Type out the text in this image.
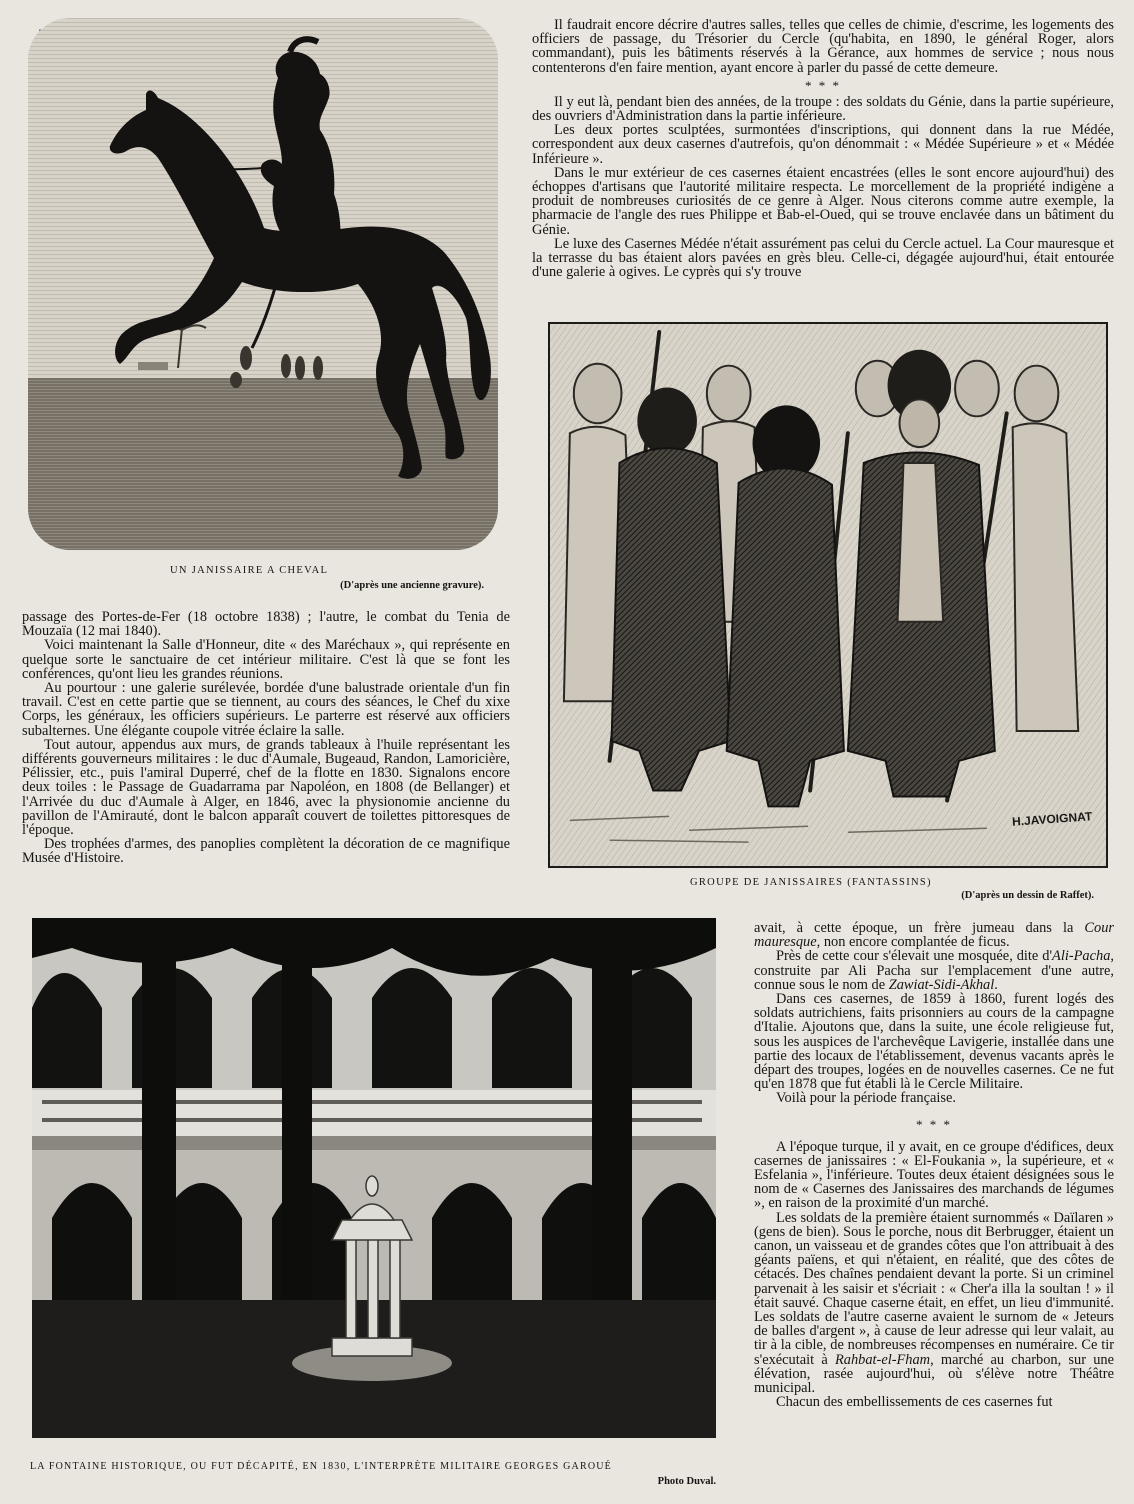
UN JANISSAIRE A CHEVAL
(D'après une ancienne gravure).

Il faudrait encore décrire d'autres salles, telles que celles de chimie, d'escrime, les logements des officiers de passage, du Trésorier du Cercle (qu'habita, en 1890, le général Roger, alors commandant), puis les bâtiments réservés à la Gérance, aux hommes de service ; nous nous contenterons d'en faire mention, ayant encore à parler du passé de cette demeure.

* * *

Il y eut là, pendant bien des années, de la troupe : des soldats du Génie, dans la partie supérieure, des ouvriers d'Administration dans la partie inférieure.

Les deux portes sculptées, surmontées d'inscriptions, qui donnent dans la rue Médée, correspondent aux deux casernes d'autrefois, qu'on dénommait : « Médée Supérieure » et « Médée Inférieure ».

Dans le mur extérieur de ces casernes étaient encastrées (elles le sont encore aujourd'hui) des échoppes d'artisans que l'autorité militaire respecta. Le morcellement de la propriété indigène a produit de nombreuses curiosités de ce genre à Alger. Nous citerons comme autre exemple, la pharmacie de l'angle des rues Philippe et Bab-el-Oued, qui se trouve enclavée dans un bâtiment du Génie.

Le luxe des Casernes Médée n'était assurément pas celui du Cercle actuel. La Cour mauresque et la terrasse du bas étaient alors pavées en grès bleu. Celle-ci, dégagée aujourd'hui, était entourée d'une galerie à ogives. Le cyprès qui s'y trouve

H.JAVOIGNAT
GROUPE DE JANISSAIRES (FANTASSINS)
(D'après un dessin de Raffet).

passage des Portes-de-Fer (18 octobre 1838) ; l'autre, le combat du Tenia de Mouzaïa (12 mai 1840).

Voici maintenant la Salle d'Honneur, dite « des Maréchaux », qui représente en quelque sorte le sanctuaire de cet intérieur militaire. C'est là que se font les conférences, qu'ont lieu les grandes réunions.

Au pourtour : une galerie surélevée, bordée d'une balustrade orientale d'un fin travail. C'est en cette partie que se tiennent, au cours des séances, le Chef du xixe Corps, les généraux, les officiers supérieurs. Le parterre est réservé aux officiers subalternes. Une élégante coupole vitrée éclaire la salle.

Tout autour, appendus aux murs, de grands tableaux à l'huile représentant les différents gouverneurs militaires : le duc d'Aumale, Bugeaud, Randon, Lamoricière, Pélissier, etc., puis l'amiral Duperré, chef de la flotte en 1830. Signalons encore deux toiles : le Passage de Guadarrama par Napoléon, en 1808 (de Bellanger) et l'Arrivée du duc d'Aumale à Alger, en 1846, avec la physionomie ancienne du pavillon de l'Amirauté, dont le balcon apparaît couvert de toilettes pittoresques de l'époque.

Des trophées d'armes, des panoplies complètent la décoration de ce magnifique Musée d'Histoire.

LA FONTAINE HISTORIQUE, OU FUT DÉCAPITÉ, EN 1830, L'INTERPRÈTE MILITAIRE GEORGES GAROUÉ
Photo Duval.

avait, à cette époque, un frère jumeau dans la Cour mauresque, non encore complantée de ficus.

Près de cette cour s'élevait une mosquée, dite d'Ali-Pacha, construite par Ali Pacha sur l'emplacement d'une autre, connue sous le nom de Zawiat-Sidi-Akhal.

Dans ces casernes, de 1859 à 1860, furent logés des soldats autrichiens, faits prisonniers au cours de la campagne d'Italie. Ajoutons que, dans la suite, une école religieuse fut, sous les auspices de l'archevêque Lavigerie, installée dans une partie des locaux de l'établissement, devenus vacants après le départ des troupes, logées en de nouvelles casernes. Ce ne fut qu'en 1878 que fut établi là le Cercle Militaire.

Voilà pour la période française.

* * *

A l'époque turque, il y avait, en ce groupe d'édifices, deux casernes de janissaires : « El-Foukania », la supérieure, et « Esfelania », l'inférieure. Toutes deux étaient désignées sous le nom de « Casernes des Janissaires des marchands de légumes », en raison de la proximité d'un marché.

Les soldats de la première étaient surnommés « Daïlaren » (gens de bien). Sous le porche, nous dit Berbrugger, étaient un canon, un vaisseau et de grandes côtes que l'on attribuait à des géants païens, et qui n'étaient, en réalité, que des côtes de cétacés. Des chaînes pendaient devant la porte. Si un criminel parvenait à les saisir et s'écriait : « Cher'a illa la soultan ! » il était sauvé. Chaque caserne était, en effet, un lieu d'immunité. Les soldats de l'autre caserne avaient le surnom de « Jeteurs de balles d'argent », à cause de leur adresse qui leur valait, au tir à la cible, de nombreuses récompenses en numéraire. Ce tir s'exécutait à Rahbat-el-Fham, marché au charbon, sur une élévation, rasée aujourd'hui, où s'élève notre Théâtre municipal.

Chacun des embellissements de ces casernes fut
